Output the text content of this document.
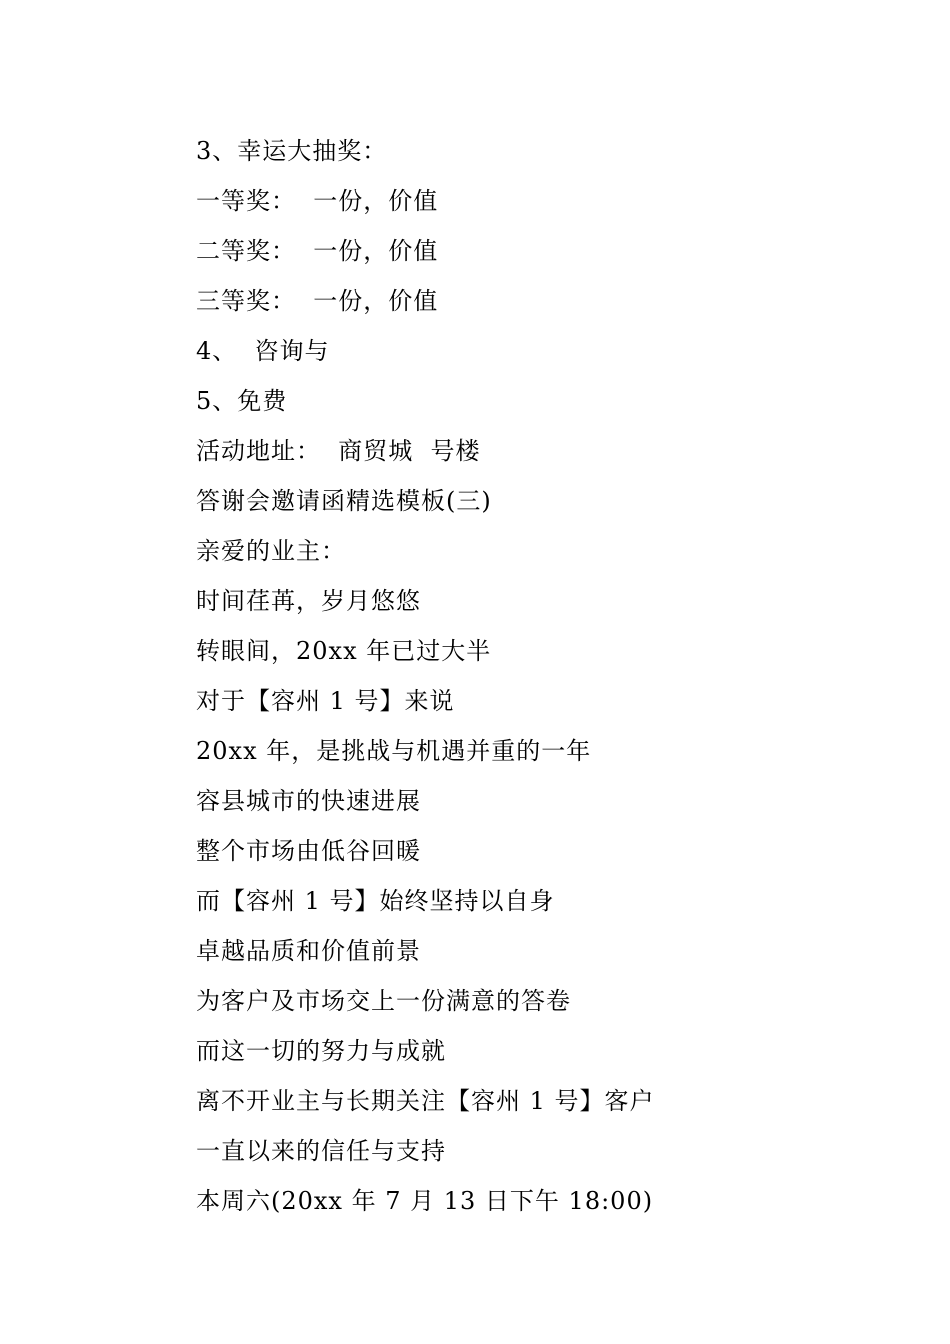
3、幸运大抽奖：
一等奖：  一份，价值
二等奖：  一份，价值
三等奖：  一份，价值
4、  咨询与
5、免费
活动地址：  商贸城  号楼
答谢会邀请函精选模板(三)
亲爱的业主：
时间荏苒，岁月悠悠
转眼间，20xx 年已过大半
对于【容州 1 号】来说
20xx 年，是挑战与机遇并重的一年
容县城市的快速进展
整个市场由低谷回暖
而【容州 1 号】始终坚持以自身
卓越品质和价值前景
为客户及市场交上一份满意的答卷
而这一切的努力与成就
离不开业主与长期关注【容州 1 号】客户
一直以来的信任与支持
本周六(20xx 年 7 月 13 日下午 18:00)
